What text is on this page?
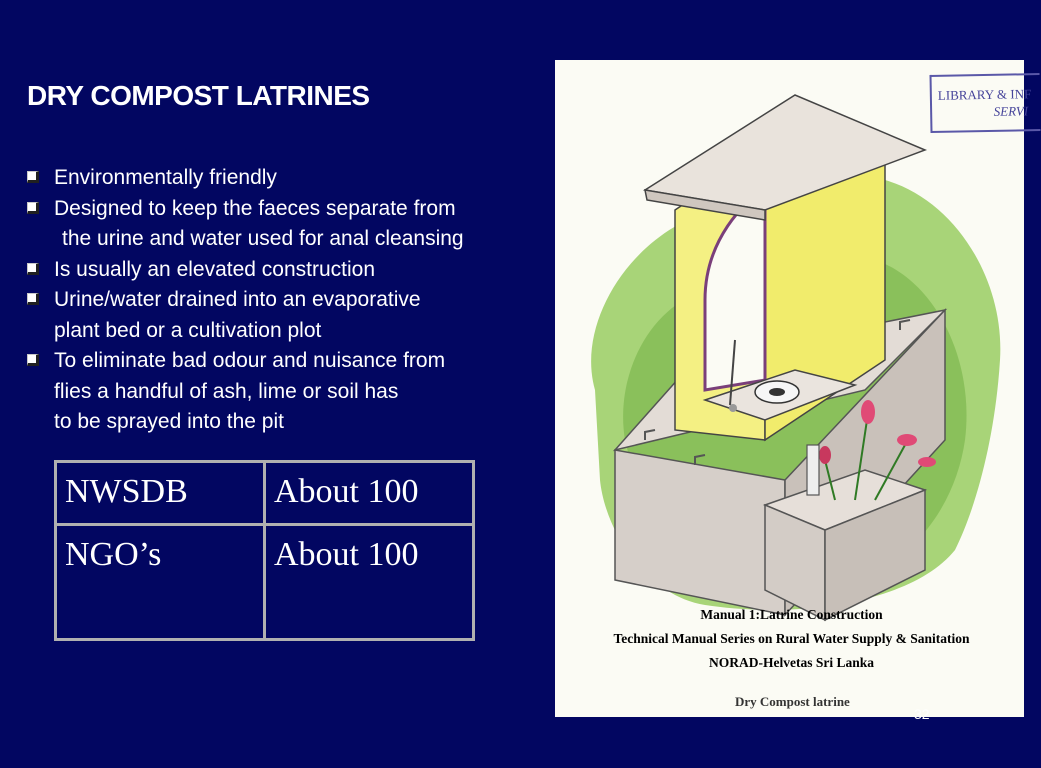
DRY COMPOST LATRINES
Environmentally friendly
Designed to keep the faeces separate from
the urine and water used for anal cleansing
Is usually an elevated construction
Urine/water drained into an evaporative
plant bed or a cultivation plot
To eliminate bad odour and nuisance from
flies a handful of ash, lime or soil has
to be sprayed into the pit
NWSDB	About 100
NGO’s	About 100
LIBRARY & INF
SERVI
Manual 1:Latrine Construction
Technical Manual Series on Rural Water Supply & Sanitation
NORAD-Helvetas Sri Lanka
Dry Compost latrine
32
